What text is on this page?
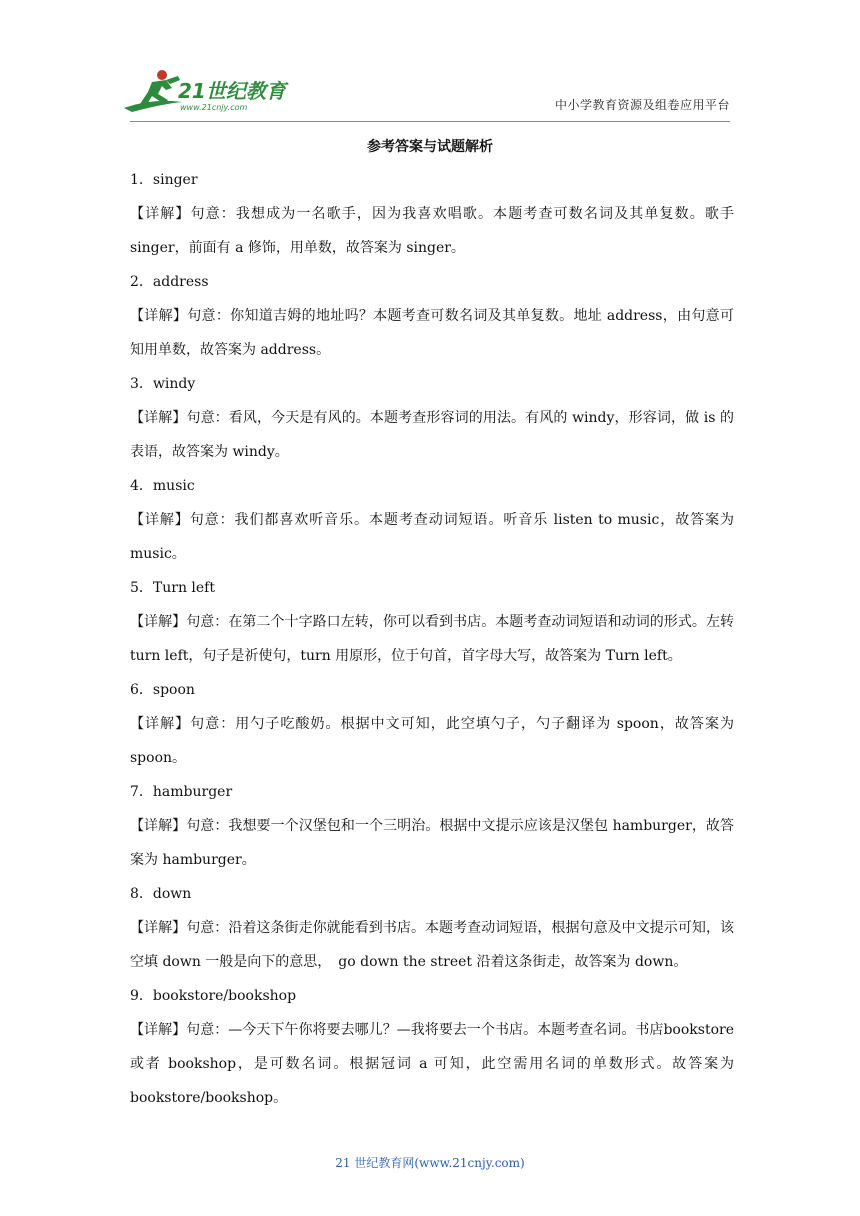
21世纪教育
www.21cnjy.com	中小学教育资源及组卷应用平台
参考答案与试题解析

1．singer

【详解】句意：我想成为一名歌手，因为我喜欢唱歌。本题考查可数名词及其单复数。歌手singer，前面有 a 修饰，用单数，故答案为 singer。

2．address

【详解】句意：你知道吉姆的地址吗？本题考查可数名词及其单复数。地址 address，由句意可知用单数，故答案为 address。

3．windy

【详解】句意：看风，今天是有风的。本题考查形容词的用法。有风的 windy，形容词，做 is 的表语，故答案为 windy。

4．music

【详解】句意：我们都喜欢听音乐。本题考查动词短语。听音乐 listen to music，故答案为music。

5．Turn left

【详解】句意：在第二个十字路口左转，你可以看到书店。本题考查动词短语和动词的形式。左转 turn left，句子是祈使句，turn 用原形，位于句首，首字母大写，故答案为 Turn left。

6．spoon

【详解】句意：用勺子吃酸奶。根据中文可知，此空填勺子，勺子翻译为 spoon，故答案为spoon。

7．hamburger

【详解】句意：我想要一个汉堡包和一个三明治。根据中文提示应该是汉堡包 hamburger，故答案为 hamburger。

8．down

【详解】句意：沿着这条街走你就能看到书店。本题考查动词短语，根据句意及中文提示可知，该空填 down 一般是向下的意思，　go down the street 沿着这条街走，故答案为 down。

9．bookstore/bookshop

【详解】句意：—今天下午你将要去哪儿？—我将要去一个书店。本题考查名词。书店bookstore 或者 bookshop，是可数名词。根据冠词 a 可知，此空需用名词的单数形式。故答案为 bookstore/bookshop。

21 世纪教育网(www.21cnjy.com)
